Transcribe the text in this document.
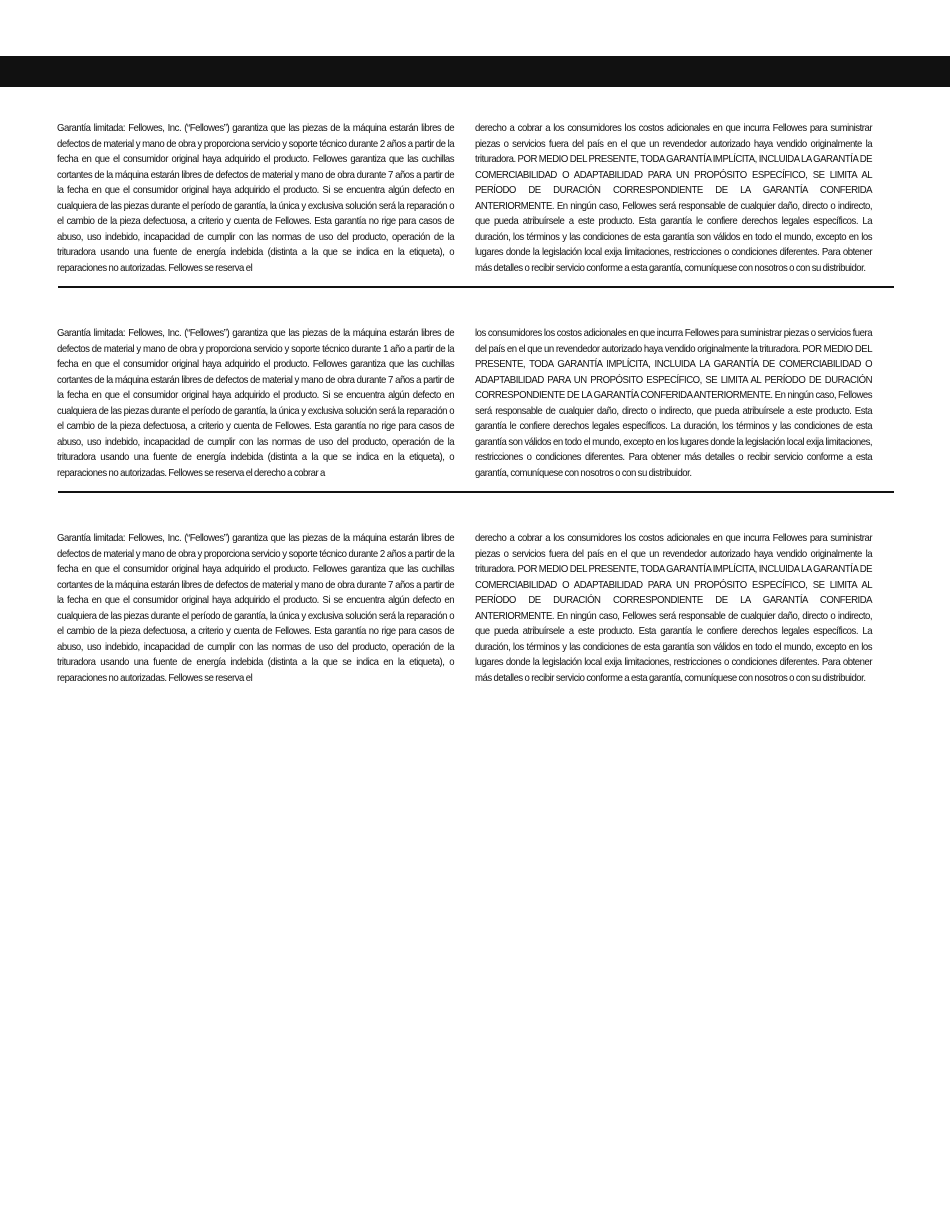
Garantía limitada: Fellowes, Inc. (“Fellowes”) garantiza que las piezas de la máquina estarán libres de defectos de material y mano de obra y proporciona servicio y soporte técnico durante 2 años a partir de la fecha en que el consumidor original haya adquirido el producto. Fellowes garantiza que las cuchillas cortantes de la máquina estarán libres de defectos de material y mano de obra durante 7 años a partir de la fecha en que el consumidor original haya adquirido el producto. Si se encuentra algún defecto en cualquiera de las piezas durante el período de garantía, la única y exclusiva solución será la reparación o el cambio de la pieza defectuosa, a criterio y cuenta de Fellowes. Esta garantía no rige para casos de abuso, uso indebido, incapacidad de cumplir con las normas de uso del producto, operación de la trituradora usando una fuente de energía indebida (distinta a la que se indica en la etiqueta), o reparaciones no autorizadas. Fellowes se reserva el

derecho a cobrar a los consumidores los costos adicionales en que incurra Fellowes para suministrar piezas o servicios fuera del país en el que un revendedor autorizado haya vendido originalmente la trituradora. POR MEDIO DEL PRESENTE, TODA GARANTÍA IMPLÍCITA, INCLUIDA LA GARANTÍA DE COMERCIABILIDAD O ADAPTABILIDAD PARA UN PROPÓSITO ESPECÍFICO, SE LIMITA AL PERÍODO DE DURACIÓN CORRESPONDIENTE DE LA GARANTÍA CONFERIDA ANTERIORMENTE. En ningún caso, Fellowes será responsable de cualquier daño, directo o indirecto, que pueda atribuírsele a este producto. Esta garantía le confiere derechos legales específicos. La duración, los términos y las condiciones de esta garantía son válidos en todo el mundo, excepto en los lugares donde la legislación local exija limitaciones, restricciones o condiciones diferentes. Para obtener más detalles o recibir servicio conforme a esta garantía, comuníquese con nosotros o con su distribuidor.

Garantía limitada: Fellowes, Inc. (“Fellowes”) garantiza que las piezas de la máquina estarán libres de defectos de material y mano de obra y proporciona servicio y soporte técnico durante 1 año a partir de la fecha en que el consumidor original haya adquirido el producto. Fellowes garantiza que las cuchillas cortantes de la máquina estarán libres de defectos de material y mano de obra durante 7 años a partir de la fecha en que el consumidor original haya adquirido el producto. Si se encuentra algún defecto en cualquiera de las piezas durante el período de garantía, la única y exclusiva solución será la reparación o el cambio de la pieza defectuosa, a criterio y cuenta de Fellowes. Esta garantía no rige para casos de abuso, uso indebido, incapacidad de cumplir con las normas de uso del producto, operación de la trituradora usando una fuente de energía indebida (distinta a la que se indica en la etiqueta), o reparaciones no autorizadas. Fellowes se reserva el derecho a cobrar a

los consumidores los costos adicionales en que incurra Fellowes para suministrar piezas o servicios fuera del país en el que un revendedor autorizado haya vendido originalmente la trituradora. POR MEDIO DEL PRESENTE, TODA GARANTÍA IMPLÍCITA, INCLUIDA LA GARANTÍA DE COMERCIABILIDAD O ADAPTABILIDAD PARA UN PROPÓSITO ESPECÍFICO, SE LIMITA AL PERÍODO DE DURACIÓN CORRESPONDIENTE DE LA GARANTÍA CONFERIDA ANTERIORMENTE. En ningún caso, Fellowes será responsable de cualquier daño, directo o indirecto, que pueda atribuírsele a este producto. Esta garantía le confiere derechos legales específicos. La duración, los términos y las condiciones de esta garantía son válidos en todo el mundo, excepto en los lugares donde la legislación local exija limitaciones, restricciones o condiciones diferentes. Para obtener más detalles o recibir servicio conforme a esta garantía, comuníquese con nosotros o con su distribuidor.

Garantía limitada: Fellowes, Inc. (“Fellowes”) garantiza que las piezas de la máquina estarán libres de defectos de material y mano de obra y proporciona servicio y soporte técnico durante 2 años a partir de la fecha en que el consumidor original haya adquirido el producto. Fellowes garantiza que las cuchillas cortantes de la máquina estarán libres de defectos de material y mano de obra durante 7 años a partir de la fecha en que el consumidor original haya adquirido el producto. Si se encuentra algún defecto en cualquiera de las piezas durante el período de garantía, la única y exclusiva solución será la reparación o el cambio de la pieza defectuosa, a criterio y cuenta de Fellowes. Esta garantía no rige para casos de abuso, uso indebido, incapacidad de cumplir con las normas de uso del producto, operación de la trituradora usando una fuente de energía indebida (distinta a la que se indica en la etiqueta), o reparaciones no autorizadas. Fellowes se reserva el

derecho a cobrar a los consumidores los costos adicionales en que incurra Fellowes para suministrar piezas o servicios fuera del país en el que un revendedor autorizado haya vendido originalmente la trituradora. POR MEDIO DEL PRESENTE, TODA GARANTÍA IMPLÍCITA, INCLUIDA LA GARANTÍA DE COMERCIABILIDAD O ADAPTABILIDAD PARA UN PROPÓSITO ESPECÍFICO, SE LIMITA AL PERÍODO DE DURACIÓN CORRESPONDIENTE DE LA GARANTÍA CONFERIDA ANTERIORMENTE. En ningún caso, Fellowes será responsable de cualquier daño, directo o indirecto, que pueda atribuírsele a este producto. Esta garantía le confiere derechos legales específicos. La duración, los términos y las condiciones de esta garantía son válidos en todo el mundo, excepto en los lugares donde la legislación local exija limitaciones, restricciones o condiciones diferentes. Para obtener más detalles o recibir servicio conforme a esta garantía, comuníquese con nosotros o con su distribuidor.
